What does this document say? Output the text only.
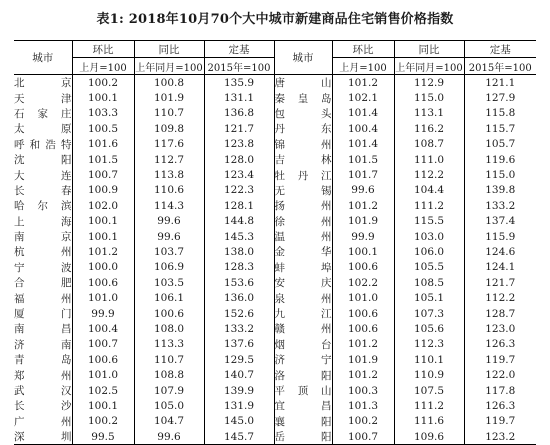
表1: 2018年10月70个大中城市新建商品住宅销售价格指数
城市	环比	同比	定基	城市	环比	同比	定基
	上月=100	上年同月=100	2015年=100		上月=100	上年同月=100	2015年=100
北　京	100.2	100.8	135.9	唐　山	101.2	112.9	121.1
天　津	100.1	101.9	131.1	秦皇岛	102.1	115.0	127.9
石家庄	103.3	110.7	136.8	包　头	101.4	113.1	115.8
太　原	100.5	109.8	121.7	丹　东	100.4	116.2	115.7
呼和浩特	101.6	117.6	123.8	锦　州	101.4	108.7	105.7
沈　阳	101.5	112.7	128.0	吉　林	101.5	111.0	119.6
大　连	100.7	113.8	123.4	牡丹江	101.7	112.2	115.0
长　春	100.9	110.6	122.3	无　锡	99.6	104.4	139.8
哈尔滨	102.0	114.3	128.1	扬　州	101.2	111.2	133.2
上　海	100.1	99.6	144.8	徐　州	101.9	115.5	137.4
南　京	100.1	99.6	145.3	温　州	99.9	103.0	115.9
杭　州	101.2	103.7	138.0	金　华	100.1	106.0	124.6
宁　波	100.0	106.9	128.3	蚌　埠	100.6	105.5	124.1
合　肥	100.6	103.5	153.6	安　庆	102.2	108.5	121.7
福　州	101.0	106.1	136.0	泉　州	101.0	105.1	112.2
厦　门	99.9	100.6	152.6	九　江	100.6	107.3	128.7
南　昌	100.4	108.0	133.2	赣　州	100.6	105.6	123.0
济　南	100.7	113.3	137.6	烟　台	101.2	112.3	126.3
青　岛	100.6	110.7	129.5	济　宁	101.9	110.1	119.7
郑　州	101.0	108.8	140.7	洛　阳	101.2	110.9	122.0
武　汉	102.5	107.9	139.9	平顶山	100.3	107.5	117.8
长　沙	100.1	105.0	131.9	宜　昌	101.3	111.2	126.3
广　州	100.2	104.7	145.0	襄　阳	100.2	111.6	119.7
深　圳	99.5	99.6	145.7	岳　阳	100.7	109.6	123.2
